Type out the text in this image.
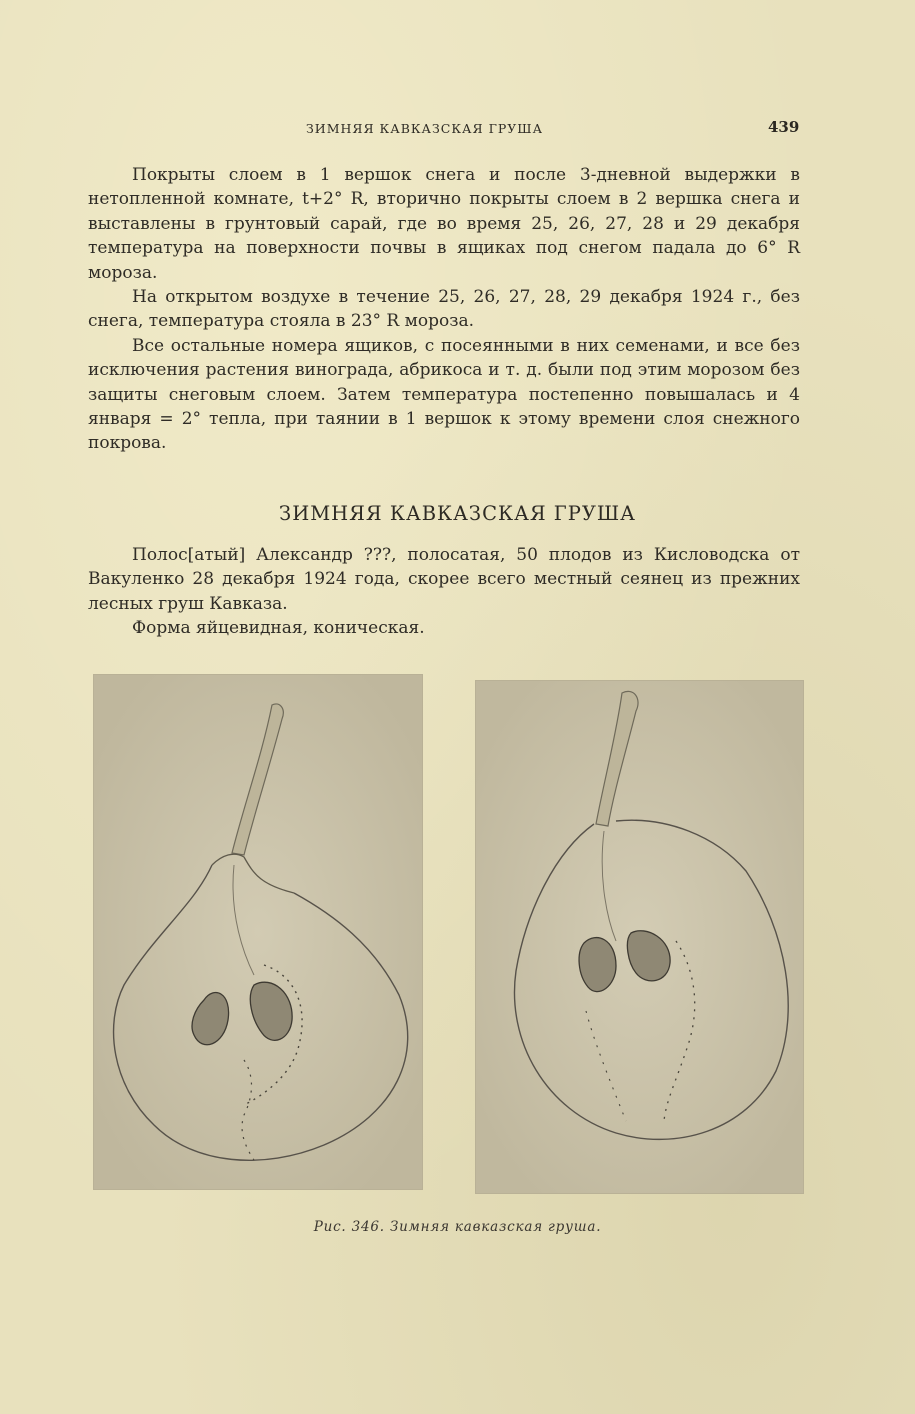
ЗИМНЯЯ КАВКАЗСКАЯ ГРУША	439

Покрыты слоем в 1 вершок снега и после 3-дневной выдержки в нетопленной комнате, t+2° R, вторично покрыты слоем в 2 вершка снега и выставлены в грунтовый сарай, где во время 25, 26, 27, 28 и 29 декабря температура на поверхности почвы в ящиках под снегом падала до 6° R мороза.

На открытом воздухе в течение 25, 26, 27, 28, 29 декабря 1924 г., без снега, температура стояла в 23° R мороза.

Все остальные номера ящиков, с посеянными в них семенами, и все без исключения растения винограда, абрикоса и т. д. были под этим морозом без защиты снеговым слоем. Затем температура постепенно повышалась и 4 января = 2° тепла, при таянии в 1 вершок к этому времени слоя снежного покрова.

ЗИМНЯЯ КАВКАЗСКАЯ ГРУША

Полос[атый] Александр ???, полосатая, 50 плодов из Кисловодска от Вакуленко 28 декабря 1924 года, скорее всего местный сеянец из прежних лесных груш Кавказа.

Форма яйцевидная, коническая.

Рис. 346. Зимняя кавказская груша.
